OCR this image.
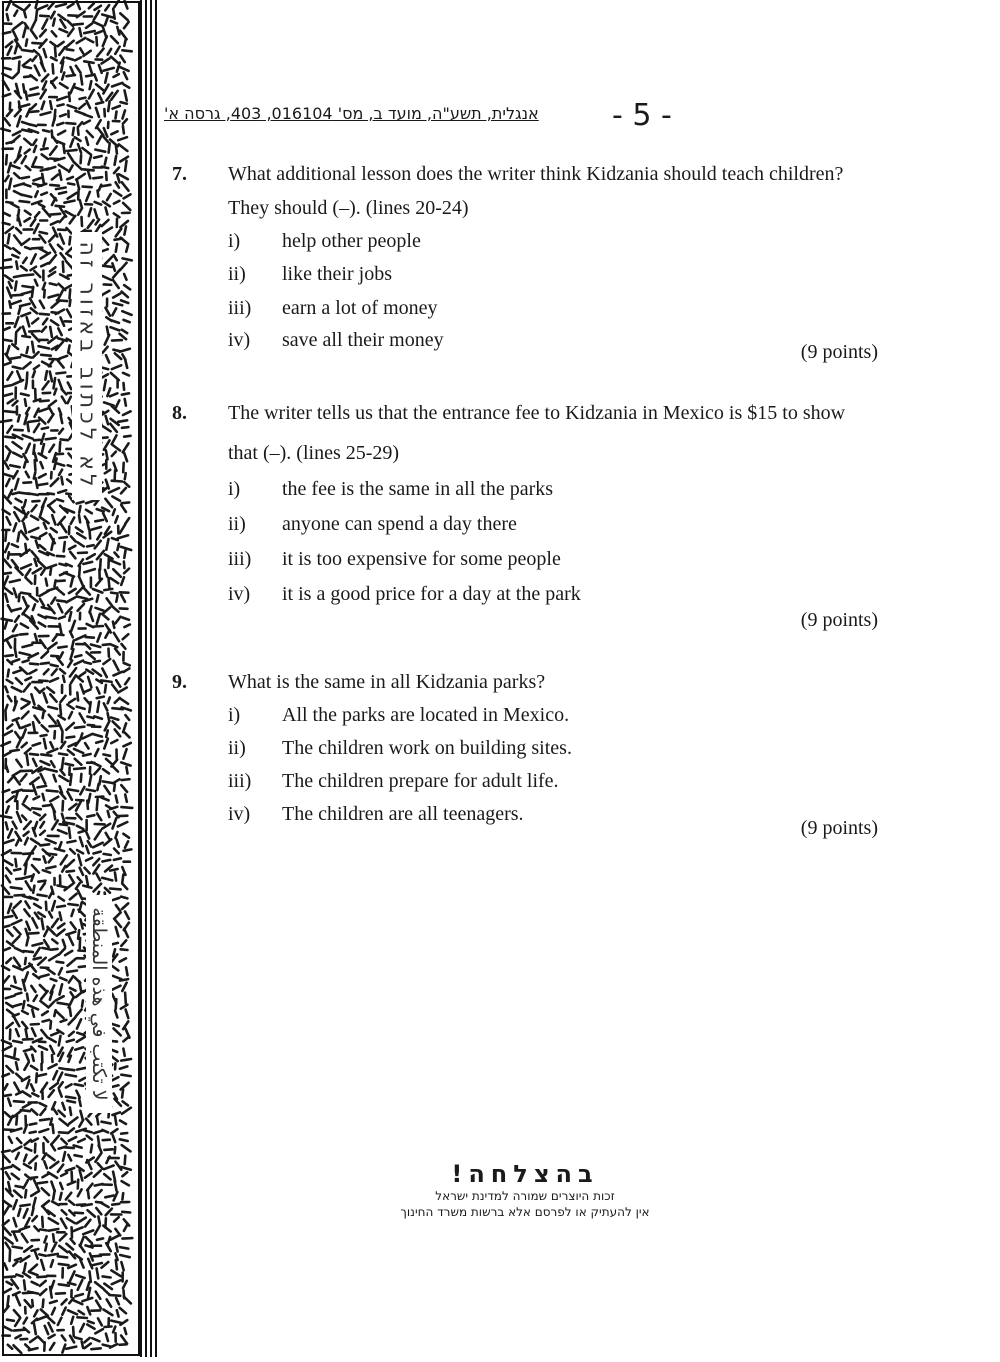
לא לכתוב באזור זה
لا تكتب في هذه المنطقة
אנגלית, תשע"ה, מועד ב, מס' 016104, 403, גרסה א' - 5 -
7. What additional lesson does the writer think Kidzania should teach children?
They should (–). (lines 20-24)
i) help other people
ii) like their jobs
iii) earn a lot of money
iv) save all their money
(9 points)
8. The writer tells us that the entrance fee to Kidzania in Mexico is $15 to show
that (–). (lines 25-29)
i) the fee is the same in all the parks
ii) anyone can spend a day there
iii) it is too expensive for some people
iv) it is a good price for a day at the park
(9 points)
9. What is the same in all Kidzania parks?
i) All the parks are located in Mexico.
ii) The children work on building sites.
iii) The children prepare for adult life.
iv) The children are all teenagers.
(9 points)
בהצלחה!
זכות היוצרים שמורה למדינת ישראל
אין להעתיק או לפרסם אלא ברשות משרד החינוך
